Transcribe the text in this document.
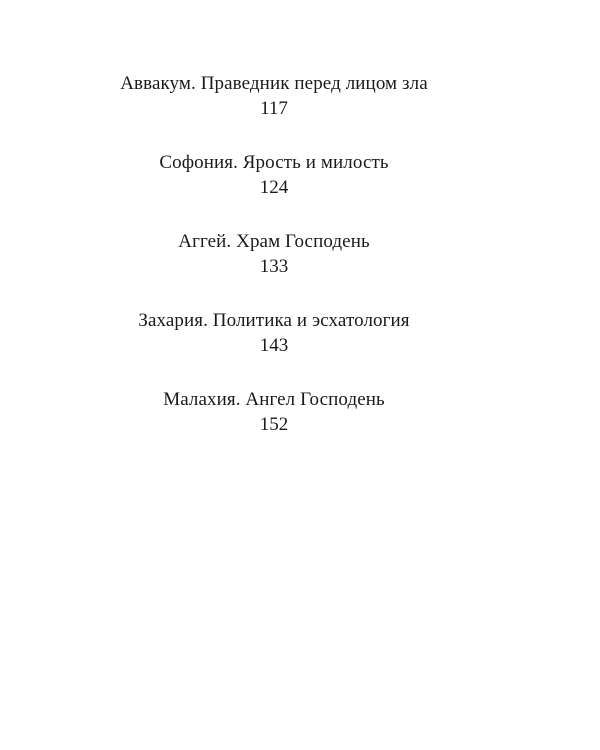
Аввакум. Праведник перед лицом зла
117
Софония. Ярость и милость
124
Аггей. Храм Господень
133
Захария. Политика и эсхатология
143
Малахия. Ангел Господень
152
